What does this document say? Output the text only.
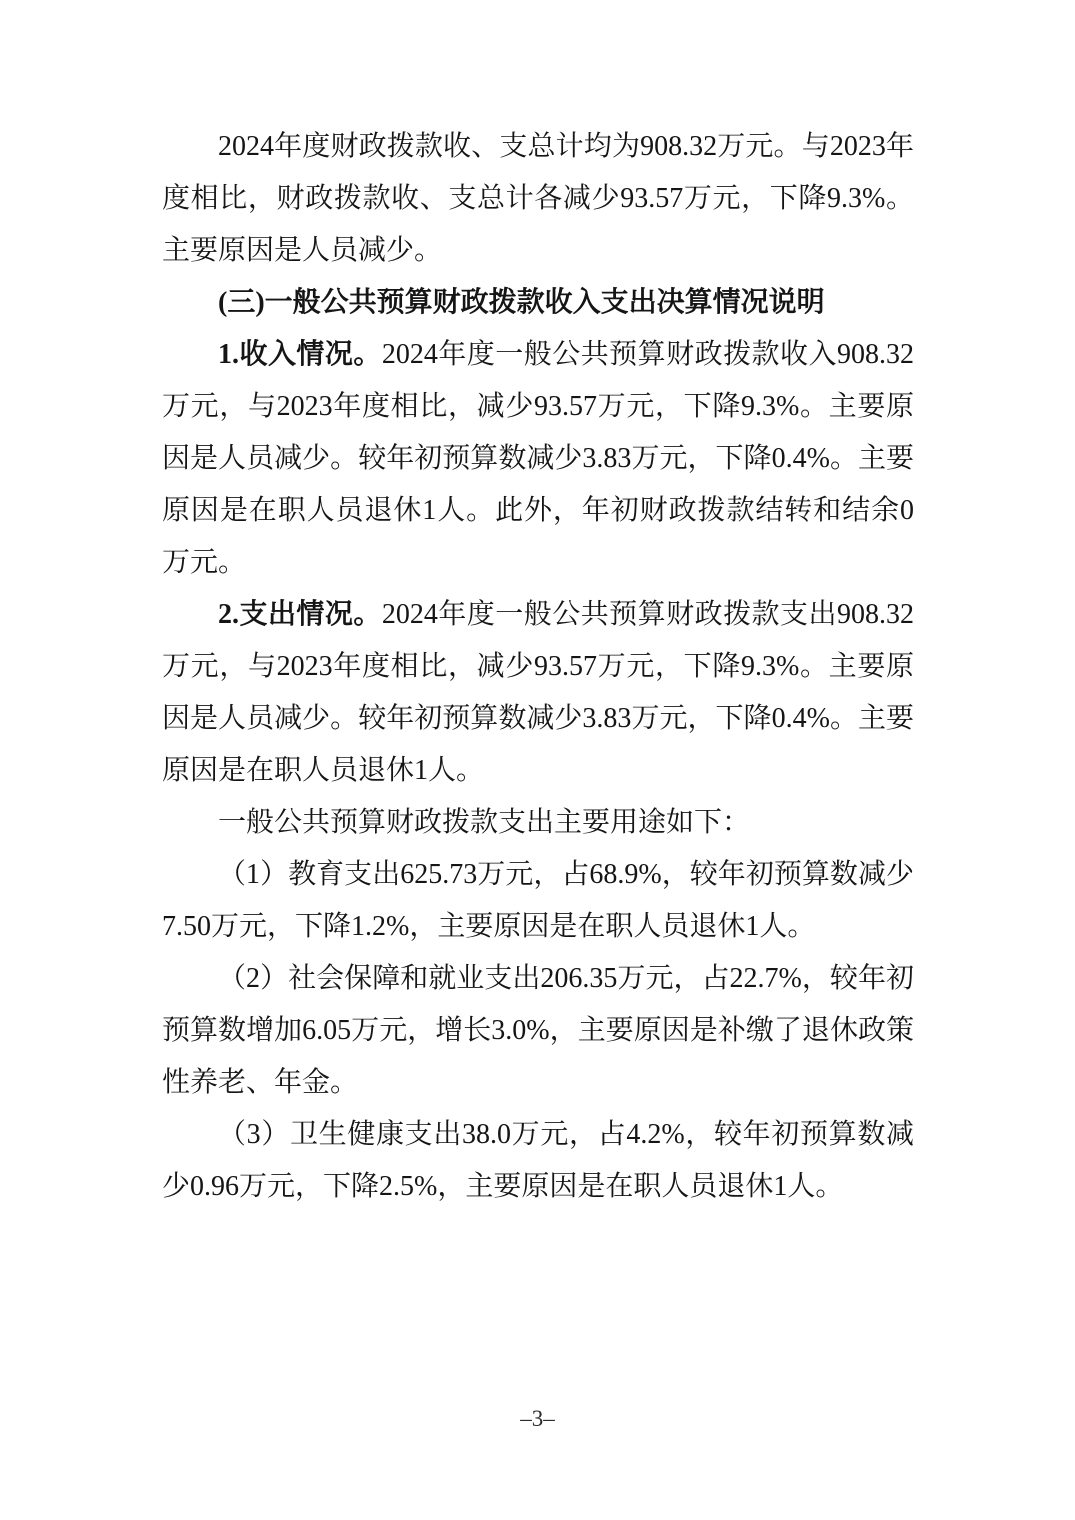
2024年度财政拨款收、支总计均为908.32万元。与2023年度相比，财政拨款收、支总计各减少93.57万元，下降9.3%。主要原因是人员减少。

(三)一般公共预算财政拨款收入支出决算情况说明

1.收入情况。2024年度一般公共预算财政拨款收入908.32万元，与2023年度相比，减少93.57万元，下降9.3%。主要原因是人员减少。较年初预算数减少3.83万元，下降0.4%。主要原因是在职人员退休1人。此外，年初财政拨款结转和结余0万元。

2.支出情况。2024年度一般公共预算财政拨款支出908.32万元，与2023年度相比，减少93.57万元，下降9.3%。主要原因是人员减少。较年初预算数减少3.83万元，下降0.4%。主要原因是在职人员退休1人。

一般公共预算财政拨款支出主要用途如下：

（1）教育支出625.73万元，占68.9%，较年初预算数减少7.50万元，下降1.2%，主要原因是在职人员退休1人。

（2）社会保障和就业支出206.35万元，占22.7%，较年初预算数增加6.05万元，增长3.0%，主要原因是补缴了退休政策性养老、年金。

（3）卫生健康支出38.0万元，占4.2%，较年初预算数减少0.96万元，下降2.5%，主要原因是在职人员退休1人。

–3–
